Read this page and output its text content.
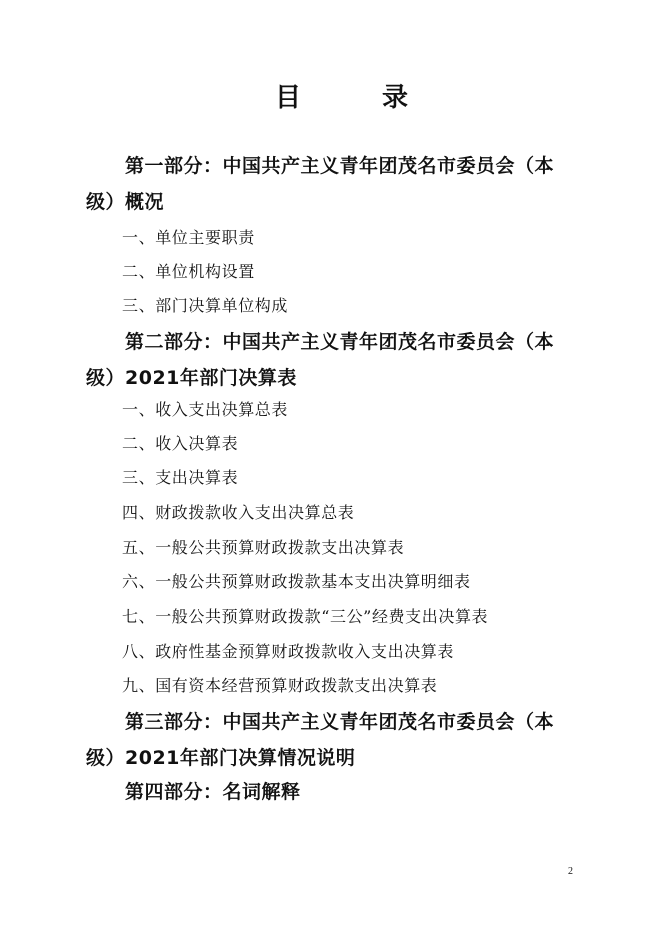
目	录

第一部分：中国共产主义青年团茂名市委员会（本级）概况

一、单位主要职责

二、单位机构设置

三、部门决算单位构成

第二部分：中国共产主义青年团茂名市委员会（本级）2021年部门决算表

一、收入支出决算总表

二、收入决算表

三、支出决算表

四、财政拨款收入支出决算总表

五、一般公共预算财政拨款支出决算表

六、一般公共预算财政拨款基本支出决算明细表

七、一般公共预算财政拨款“三公”经费支出决算表

八、政府性基金预算财政拨款收入支出决算表

九、国有资本经营预算财政拨款支出决算表

第三部分：中国共产主义青年团茂名市委员会（本级）2021年部门决算情况说明

第四部分：名词解释

2
